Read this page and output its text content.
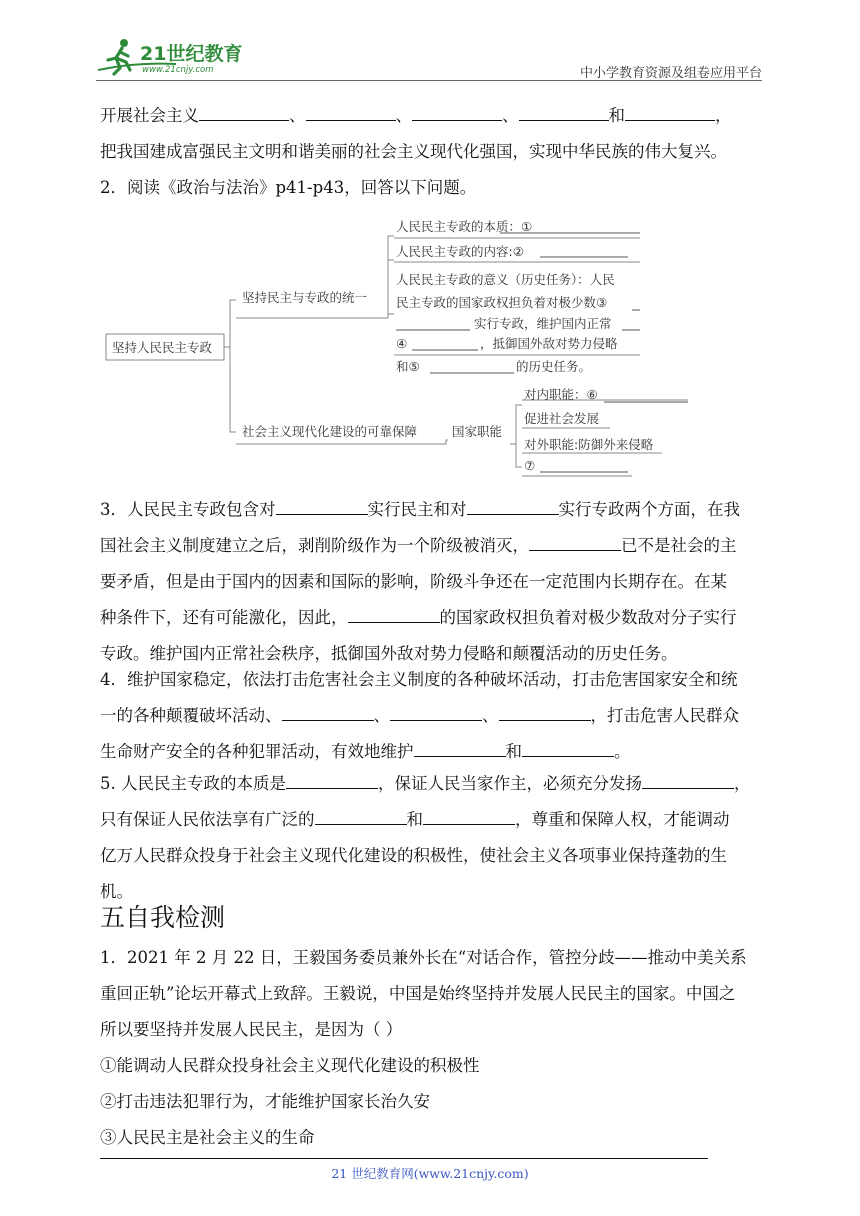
21世纪教育
www.21cnjy.com	中小学教育资源及组卷应用平台
开展社会主义	、	、	、	和	，
把我国建成富强民主文明和谐美丽的社会主义现代化强国，实现中华民族的伟大复兴。
2．阅读《政治与法治》p41-p43，回答以下问题。
坚持人民民主专政
坚持民主与专政的统一
社会主义现代化建设的可靠保障	国家职能
人民民主专政的本质：①
人民民主专政的内容:②
人民民主专政的意义（历史任务）：人民
民主专政的国家政权担负着对极少数③
实行专政，维护国内正常
④	，抵御国外敌对势力侵略
和⑤	的历史任务。
对内职能：⑥
促进社会发展
对外职能:防御外来侵略
⑦
3．人民民主专政包含对	实行民主和对	实行专政两个方面，在我
国社会主义制度建立之后，剥削阶级作为一个阶级被消灭，	已不是社会的主
要矛盾，但是由于国内的因素和国际的影响，阶级斗争还在一定范围内长期存在。在某
种条件下，还有可能激化，因此，	的国家政权担负着对极少数敌对分子实行
专政。维护国内正常社会秩序，抵御国外敌对势力侵略和颠覆活动的历史任务。
4．维护国家稳定，依法打击危害社会主义制度的各种破坏活动，打击危害国家安全和统
一的各种颠覆破坏活动、	、	、	，打击危害人民群众
生命财产安全的各种犯罪活动，有效地维护	和	。
5. 人民民主专政的本质是	，保证人民当家作主，必须充分发扬	，
只有保证人民依法享有广泛的	和	，尊重和保障人权，才能调动
亿万人民群众投身于社会主义现代化建设的积极性，使社会主义各项事业保持蓬勃的生
机。
五自我检测
1．2021 年 2 月 22 日，王毅国务委员兼外长在“对话合作，管控分歧——推动中美关系
重回正轨”论坛开幕式上致辞。王毅说，中国是始终坚持并发展人民民主的国家。中国之
所以要坚持并发展人民民主，是因为（ ）
①能调动人民群众投身社会主义现代化建设的积极性
②打击违法犯罪行为，才能维护国家长治久安
③人民民主是社会主义的生命
21 世纪教育网(www.21cnjy.com)
